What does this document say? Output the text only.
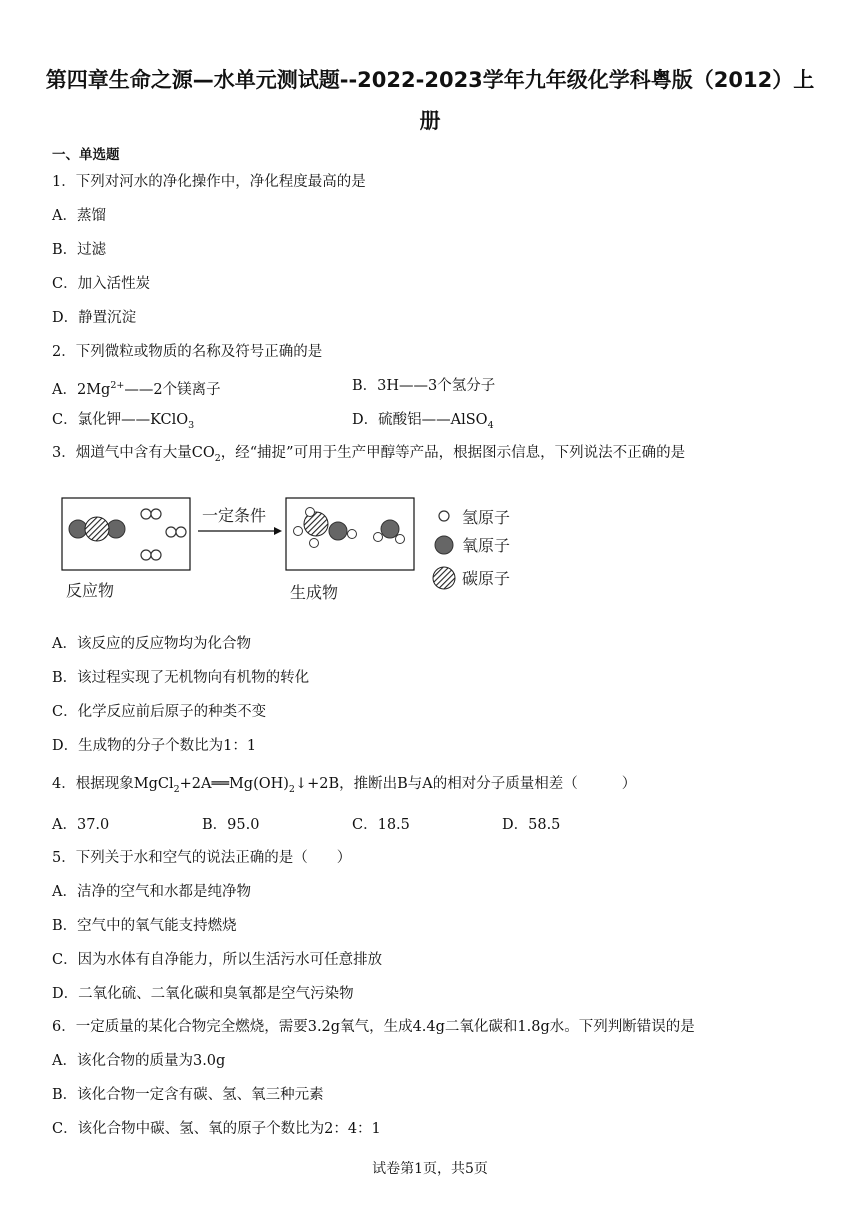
第四章生命之源—水单元测试题--2022-2023学年九年级化学科粤版（2012）上
册
一、单选题
1．下列对河水的净化操作中，净化程度最高的是
A．蒸馏
B．过滤
C．加入活性炭
D．静置沉淀
2．下列微粒或物质的名称及符号正确的是
A．$2Mg^{2+}——2$个镁离子	B．3H——3个氢分子
C．氯化钾——KClO$_3$	D．硫酸铝——AlSO$_4$
3．烟道气中含有大量$CO_2$，经“捕捉”可用于生产甲醇等产品，根据图示信息，下列说法不正确的是
一定条件
反应物	生成物
氢原子
氧原子
碳原子
A．该反应的反应物均为化合物
B．该过程实现了无机物向有机物的转化
C．化学反应前后原子的种类不变
D．生成物的分子个数比为1：1
4．根据现象$MgCl_2+2A══Mg(OH)_2↓+2B$，推断出B与A的相对分子质量相差（	）
A．37.0	B．95.0	C．18.5	D．58.5
5．下列关于水和空气的说法正确的是（　　）
A．洁净的空气和水都是纯净物
B．空气中的氧气能支持燃烧
C．因为水体有自净能力，所以生活污水可任意排放
D．二氧化硫、二氧化碳和臭氧都是空气污染物
6．一定质量的某化合物完全燃烧，需要3.2g氧气，生成4.4g二氧化碳和1.8g水。下列判断错误的是
A．该化合物的质量为3.0g
B．该化合物一定含有碳、氢、氧三种元素
C．该化合物中碳、氢、氧的原子个数比为2：4：1
试卷第1页，共5页
